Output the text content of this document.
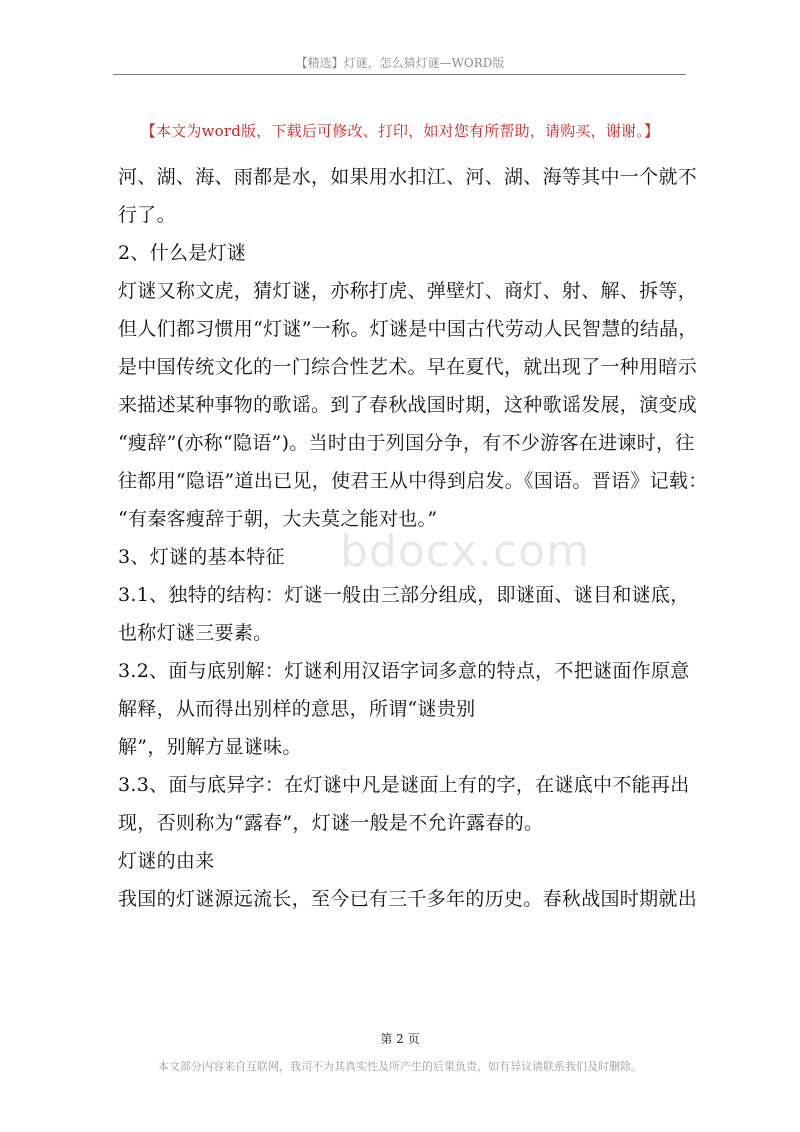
【精选】灯谜，怎么猜灯谜—WORD版
【本文为word版，下载后可修改、打印，如对您有所帮助，请购买，谢谢。】
河、湖、海、雨都是水，如果用水扣江、河、湖、海等其中一个就不
行了。
2、什么是灯谜
灯谜又称文虎，猜灯谜，亦称打虎、弹壁灯、商灯、射、解、拆等，
但人们都习惯用“灯谜”一称。灯谜是中国古代劳动人民智慧的结晶，
是中国传统文化的一门综合性艺术。早在夏代，就出现了一种用暗示
来描述某种事物的歌谣。到了春秋战国时期，这种歌谣发展，演变成
“瘦辞”(亦称“隐语”)。当时由于列国分争，有不少游客在进谏时，往
往都用“隐语”道出已见，使君王从中得到启发。《国语。晋语》记载：
“有秦客瘦辞于朝，大夫莫之能对也。”
3、灯谜的基本特征
3.1、独特的结构：灯谜一般由三部分组成，即谜面、谜目和谜底，
也称灯谜三要素。
3.2、面与底别解：灯谜利用汉语字词多意的特点，不把谜面作原意
解释，从而得出别样的意思，所谓“谜贵别
解”，别解方显谜味。
3.3、面与底异字：在灯谜中凡是谜面上有的字，在谜底中不能再出
现，否则称为“露春”，灯谜一般是不允许露春的。
灯谜的由来
我国的灯谜源远流长，至今已有三千多年的历史。春秋战国时期就出
bdocx.com
第 2 页
本文部分内容来自互联网，我司不为其真实性及所产生的后果负责，如有异议请联系我们及时删除。
